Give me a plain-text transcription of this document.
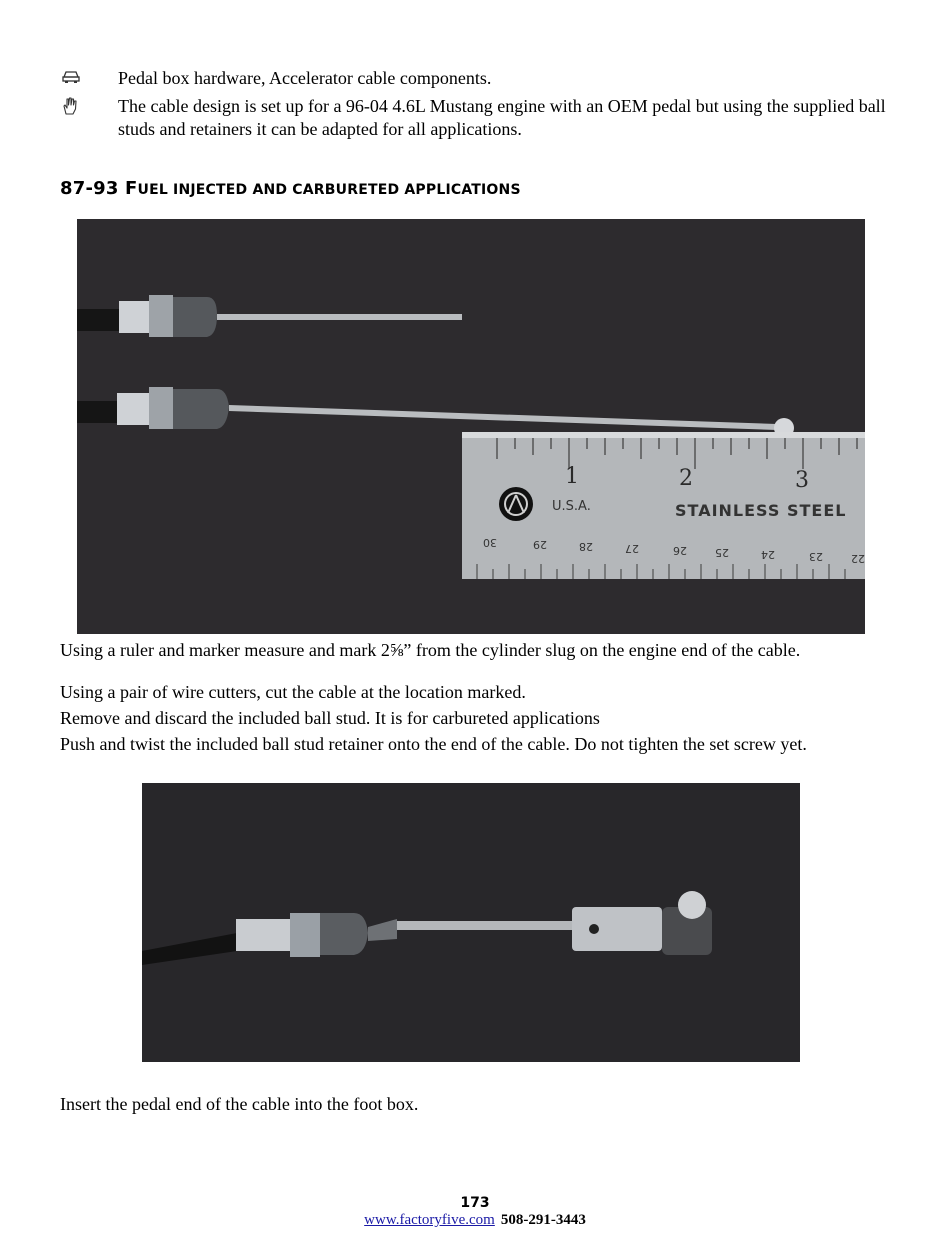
Pedal box hardware, Accelerator cable components.
The cable design is set up for a 96-04 4.6L Mustang engine with an OEM pedal but using the supplied ball studs and retainers it can be adapted for all applications.
87-93 FUEL INJECTED AND CARBURETED APPLICATIONS
1	2	3
U.S.A.	STAINLESS STEEL
30	29	28	27	26	25	24	23	22
Using a ruler and marker measure and mark 2⅝” from the cylinder slug on the engine end of the cable.
Using a pair of wire cutters, cut the cable at the location marked.
Remove and discard the included ball stud. It is for carbureted applications
Push and twist the included ball stud retainer onto the end of the cable. Do not tighten the set screw yet.
Insert the pedal end of the cable into the foot box.
173
www.factoryfive.com 508-291-3443
